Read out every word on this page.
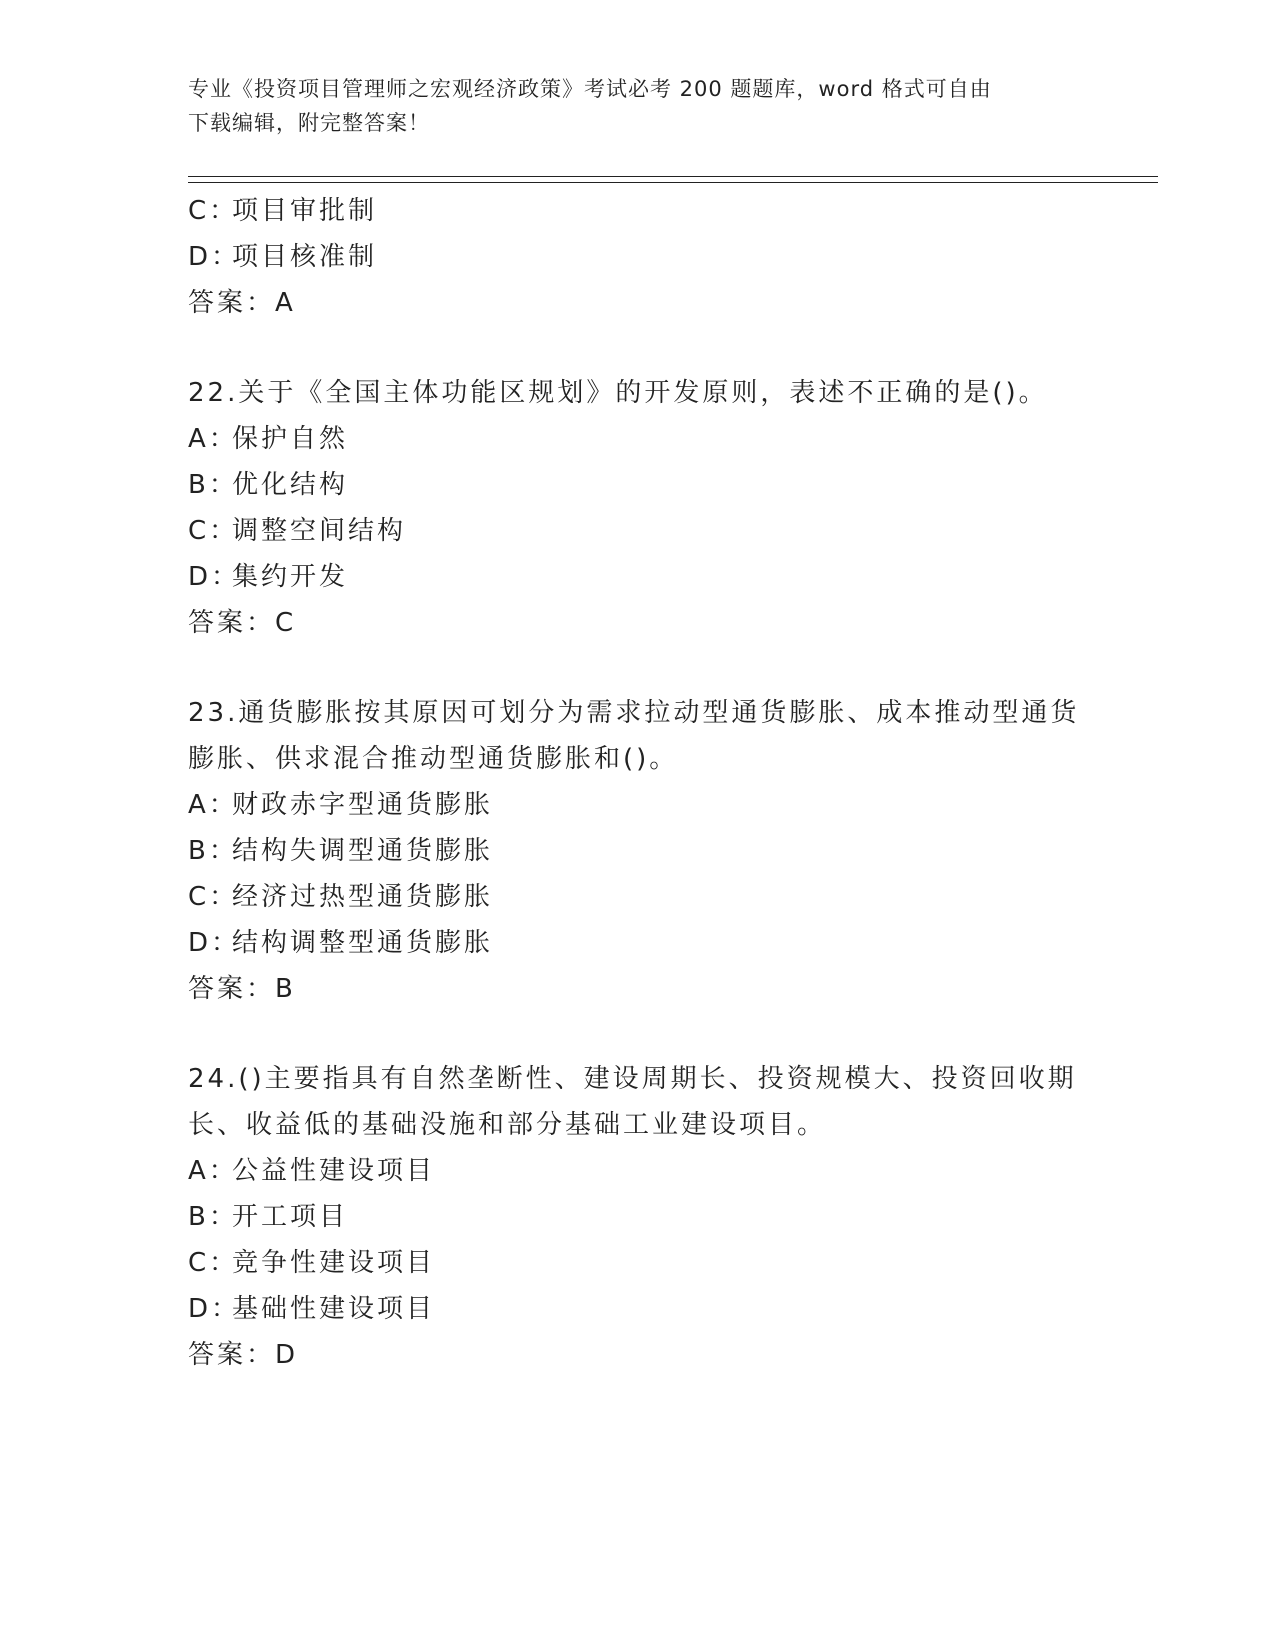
专业《投资项目管理师之宏观经济政策》考试必考 200 题题库，word 格式可自由
下载编辑，附完整答案！
C：项目审批制
D：项目核准制
答案：A
22.关于《全国主体功能区规划》的开发原则，表述不正确的是()。
A：保护自然
B：优化结构
C：调整空间结构
D：集约开发
答案：C
23.通货膨胀按其原因可划分为需求拉动型通货膨胀、成本推动型通货
膨胀、供求混合推动型通货膨胀和()。
A：财政赤字型通货膨胀
B：结构失调型通货膨胀
C：经济过热型通货膨胀
D：结构调整型通货膨胀
答案：B
24.()主要指具有自然垄断性、建设周期长、投资规模大、投资回收期
长、收益低的基础没施和部分基础工业建设项目。
A：公益性建设项目
B：开工项目
C：竞争性建设项目
D：基础性建设项目
答案：D
